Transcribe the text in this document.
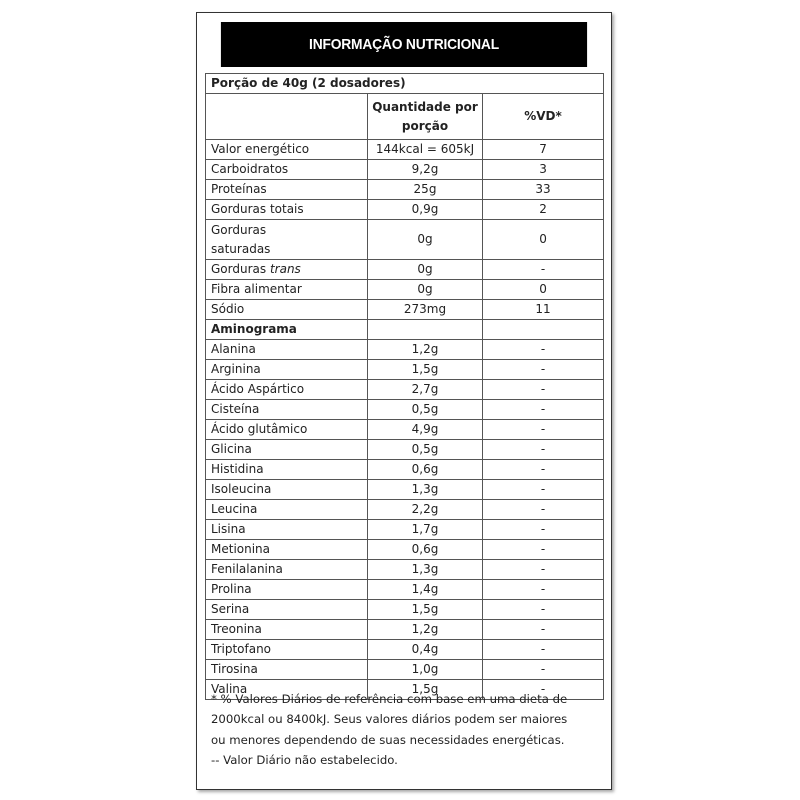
INFORMAÇÃO NUTRICIONAL
Porção de 40g (2 dosadores)		

	Quantidade por
porção	%VD*
Valor energético	144kcal = 605kJ	7
Carboidratos	9,2g	3
Proteínas	25g	33
Gorduras totais	0,9g	2

Gorduras
saturadas	0g	0
Gorduras trans	0g	-
Fibra alimentar	0g	0
Sódio	273mg	11
Aminograma		
Alanina	1,2g	-
Arginina	1,5g	-
Ácido Aspártico	2,7g	-
Cisteína	0,5g	-
Ácido glutâmico	4,9g	-
Glicina	0,5g	-
Histidina	0,6g	-
Isoleucina	1,3g	-
Leucina	2,2g	-
Lisina	1,7g	-
Metionina	0,6g	-
Fenilalanina	1,3g	-
Prolina	1,4g	-
Serina	1,5g	-
Treonina	1,2g	-
Triptofano	0,4g	-
Tirosina	1,0g	-
Valina	1,5g	-
* % Valores Diários de referência com base em uma dieta de
2000kcal ou 8400kJ. Seus valores diários podem ser maiores
ou menores dependendo de suas necessidades energéticas.
-- Valor Diário não estabelecido.
